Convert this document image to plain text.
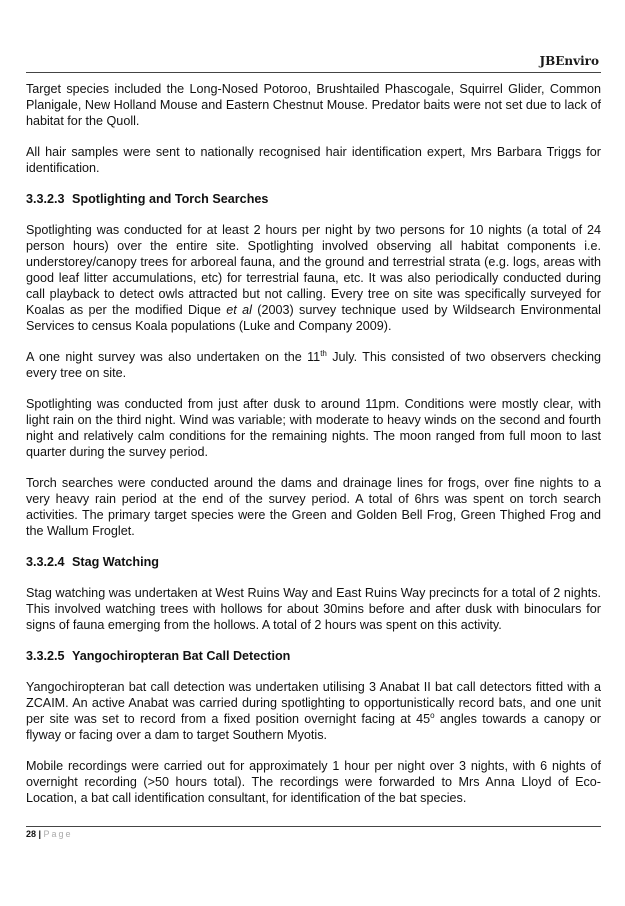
JBEnviro

Target species included the Long-Nosed Potoroo, Brushtailed Phascogale, Squirrel Glider, Common Planigale, New Holland Mouse and Eastern Chestnut Mouse. Predator baits were not set due to lack of habitat for the Quoll.

All hair samples were sent to nationally recognised hair identification expert, Mrs Barbara Triggs for identification.

3.3.2.3 Spotlighting and Torch Searches

Spotlighting was conducted for at least 2 hours per night by two persons for 10 nights (a total of 24 person hours) over the entire site. Spotlighting involved observing all habitat components i.e. understorey/canopy trees for arboreal fauna, and the ground and terrestrial strata (e.g. logs, areas with good leaf litter accumulations, etc) for terrestrial fauna, etc. It was also periodically conducted during call playback to detect owls attracted but not calling. Every tree on site was specifically surveyed for Koalas as per the modified Dique et al (2003) survey technique used by Wildsearch Environmental Services to census Koala populations (Luke and Company 2009).

A one night survey was also undertaken on the 11th July. This consisted of two observers checking every tree on site.

Spotlighting was conducted from just after dusk to around 11pm. Conditions were mostly clear, with light rain on the third night. Wind was variable; with moderate to heavy winds on the second and fourth night and relatively calm conditions for the remaining nights. The moon ranged from full moon to last quarter during the survey period.

Torch searches were conducted around the dams and drainage lines for frogs, over fine nights to a very heavy rain period at the end of the survey period. A total of 6hrs was spent on torch search activities. The primary target species were the Green and Golden Bell Frog, Green Thighed Frog and the Wallum Froglet.

3.3.2.4 Stag Watching

Stag watching was undertaken at West Ruins Way and East Ruins Way precincts for a total of 2 nights. This involved watching trees with hollows for about 30mins before and after dusk with binoculars for signs of fauna emerging from the hollows. A total of 2 hours was spent on this activity.

3.3.2.5 Yangochiropteran Bat Call Detection

Yangochiropteran bat call detection was undertaken utilising 3 Anabat II bat call detectors fitted with a ZCAIM. An active Anabat was carried during spotlighting to opportunistically record bats, and one unit per site was set to record from a fixed position overnight facing at 45$^o$ angles towards a canopy or flyway or facing over a dam to target Southern Myotis.

Mobile recordings were carried out for approximately 1 hour per night over 3 nights, with 6 nights of overnight recording (>50 hours total). The recordings were forwarded to Mrs Anna Lloyd of Eco-Location, a bat call identification consultant, for identification of the bat species.

28 | Page
